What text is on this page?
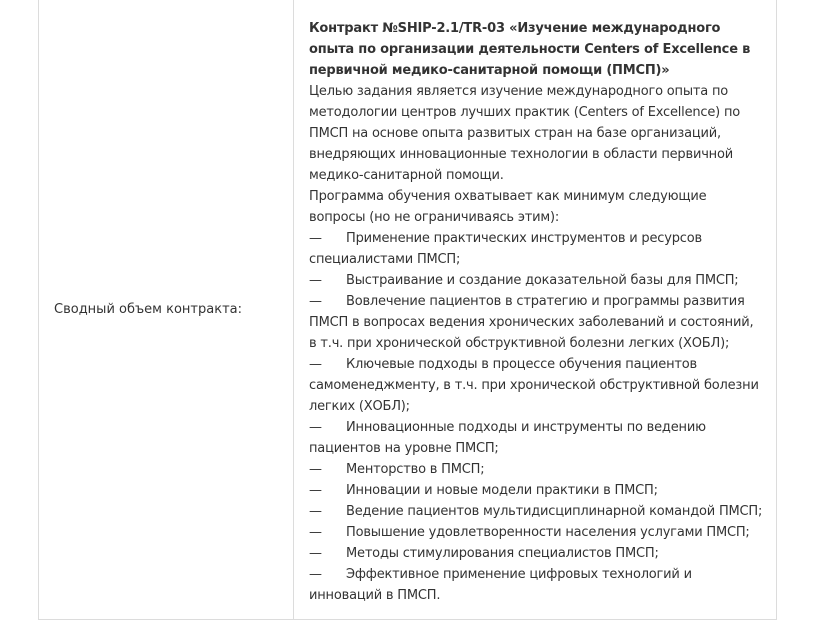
Сводный объем контракта:
Контракт №SHIP-2.1/TR-03 «Изучение международного опыта по организации деятельности Centers of Excellence в первичной медико-санитарной помощи (ПМСП)»
Целью задания является изучение международного опыта по методологии центров лучших практик (Centers of Excellence) по ПМСП на основе опыта развитых стран на базе организаций, внедряющих инновационные технологии в области первичной медико-санитарной помощи.
Программа обучения охватывает как минимум следующие вопросы (но не ограничиваясь этим):
— Применение практических инструментов и ресурсов специалистами ПМСП;
— Выстраивание и создание доказательной базы для ПМСП;
— Вовлечение пациентов в стратегию и программы развития ПМСП в вопросах ведения хронических заболеваний и состояний, в т.ч. при хронической обструктивной болезни легких (ХОБЛ);
— Ключевые подходы в процессе обучения пациентов самоменеджменту, в т.ч. при хронической обструктивной болезни легких (ХОБЛ);
— Инновационные подходы и инструменты по ведению пациентов на уровне ПМСП;
— Менторство в ПМСП;
— Инновации и новые модели практики в ПМСП;
— Ведение пациентов мультидисциплинарной командой ПМСП;
— Повышение удовлетворенности населения услугами ПМСП;
— Методы стимулирования специалистов ПМСП;
— Эффективное применение цифровых технологий и инноваций в ПМСП.
